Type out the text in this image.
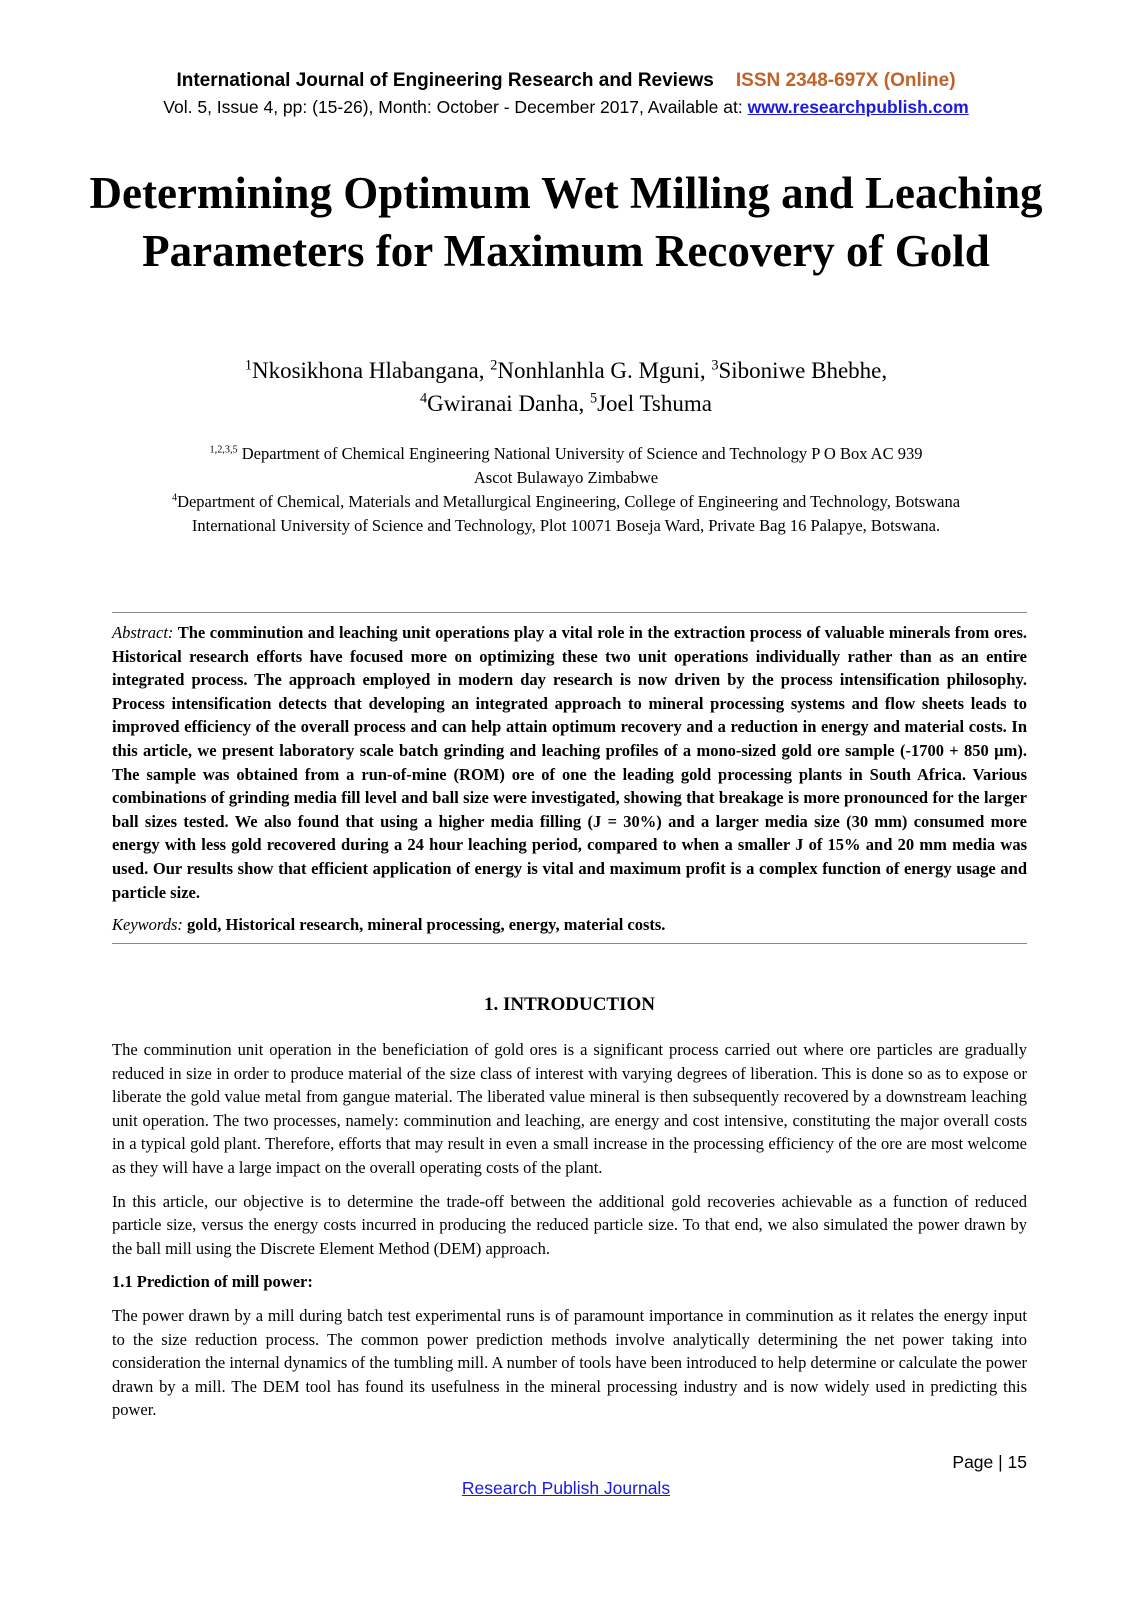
International Journal of Engineering Research and Reviews ISSN 2348-697X (Online)
Vol. 5, Issue 4, pp: (15-26), Month: October - December 2017, Available at: www.researchpublish.com
Determining Optimum Wet Milling and Leaching Parameters for Maximum Recovery of Gold
$^1$Nkosikhona Hlabangana, $^2$Nonhlanhla G. Mguni, $^3$Siboniwe Bhebhe,
$^4$Gwiranai Danha, $^5$Joel Tshuma
$^{1,2,3,5}$ Department of Chemical Engineering National University of Science and Technology P O Box AC 939
Ascot Bulawayo Zimbabwe
$^4$Department of Chemical, Materials and Metallurgical Engineering, College of Engineering and Technology, Botswana
International University of Science and Technology, Plot 10071 Boseja Ward, Private Bag 16 Palapye, Botswana.

Abstract: The comminution and leaching unit operations play a vital role in the extraction process of valuable minerals from ores. Historical research efforts have focused more on optimizing these two unit operations individually rather than as an entire integrated process. The approach employed in modern day research is now driven by the process intensification philosophy. Process intensification detects that developing an integrated approach to mineral processing systems and flow sheets leads to improved efficiency of the overall process and can help attain optimum recovery and a reduction in energy and material costs. In this article, we present laboratory scale batch grinding and leaching profiles of a mono-sized gold ore sample (-1700 + 850 µm). The sample was obtained from a run-of-mine (ROM) ore of one the leading gold processing plants in South Africa. Various combinations of grinding media fill level and ball size were investigated, showing that breakage is more pronounced for the larger ball sizes tested. We also found that using a higher media filling (J = 30%) and a larger media size (30 mm) consumed more energy with less gold recovered during a 24 hour leaching period, compared to when a smaller J of 15% and 20 mm media was used. Our results show that efficient application of energy is vital and maximum profit is a complex function of energy usage and particle size.

Keywords: gold, Historical research, mineral processing, energy, material costs.

1. INTRODUCTION

The comminution unit operation in the beneficiation of gold ores is a significant process carried out where ore particles are gradually reduced in size in order to produce material of the size class of interest with varying degrees of liberation. This is done so as to expose or liberate the gold value metal from gangue material. The liberated value mineral is then subsequently recovered by a downstream leaching unit operation. The two processes, namely: comminution and leaching, are energy and cost intensive, constituting the major overall costs in a typical gold plant. Therefore, efforts that may result in even a small increase in the processing efficiency of the ore are most welcome as they will have a large impact on the overall operating costs of the plant.

In this article, our objective is to determine the trade-off between the additional gold recoveries achievable as a function of reduced particle size, versus the energy costs incurred in producing the reduced particle size. To that end, we also simulated the power drawn by the ball mill using the Discrete Element Method (DEM) approach.

1.1 Prediction of mill power:

The power drawn by a mill during batch test experimental runs is of paramount importance in comminution as it relates the energy input to the size reduction process. The common power prediction methods involve analytically determining the net power taking into consideration the internal dynamics of the tumbling mill. A number of tools have been introduced to help determine or calculate the power drawn by a mill. The DEM tool has found its usefulness in the mineral processing industry and is now widely used in predicting this power.

Page | 15
Research Publish Journals
